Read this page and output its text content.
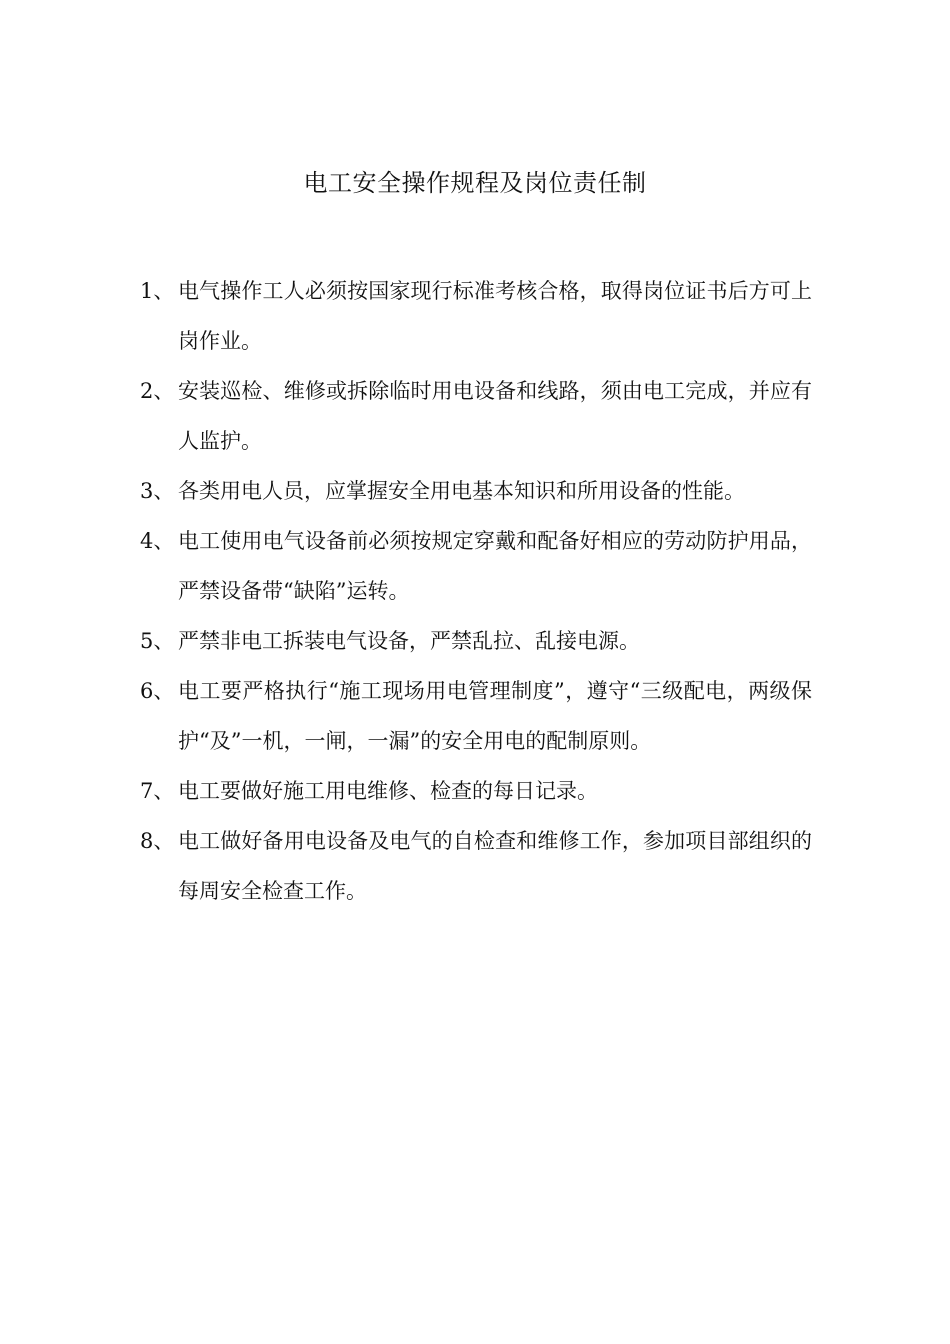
电工安全操作规程及岗位责任制
1、 电气操作工人必须按国家现行标准考核合格，取得岗位证书后方可上岗作业。
2、 安装巡检、维修或拆除临时用电设备和线路，须由电工完成，并应有人监护。
3、 各类用电人员，应掌握安全用电基本知识和所用设备的性能。
4、 电工使用电气设备前必须按规定穿戴和配备好相应的劳动防护用品，严禁设备带“缺陷”运转。
5、 严禁非电工拆装电气设备，严禁乱拉、乱接电源。
6、 电工要严格执行“施工现场用电管理制度”，遵守“三级配电，两级保护“及”一机，一闸，一漏”的安全用电的配制原则。
7、 电工要做好施工用电维修、检查的每日记录。
8、 电工做好备用电设备及电气的自检查和维修工作，参加项目部组织的每周安全检查工作。
